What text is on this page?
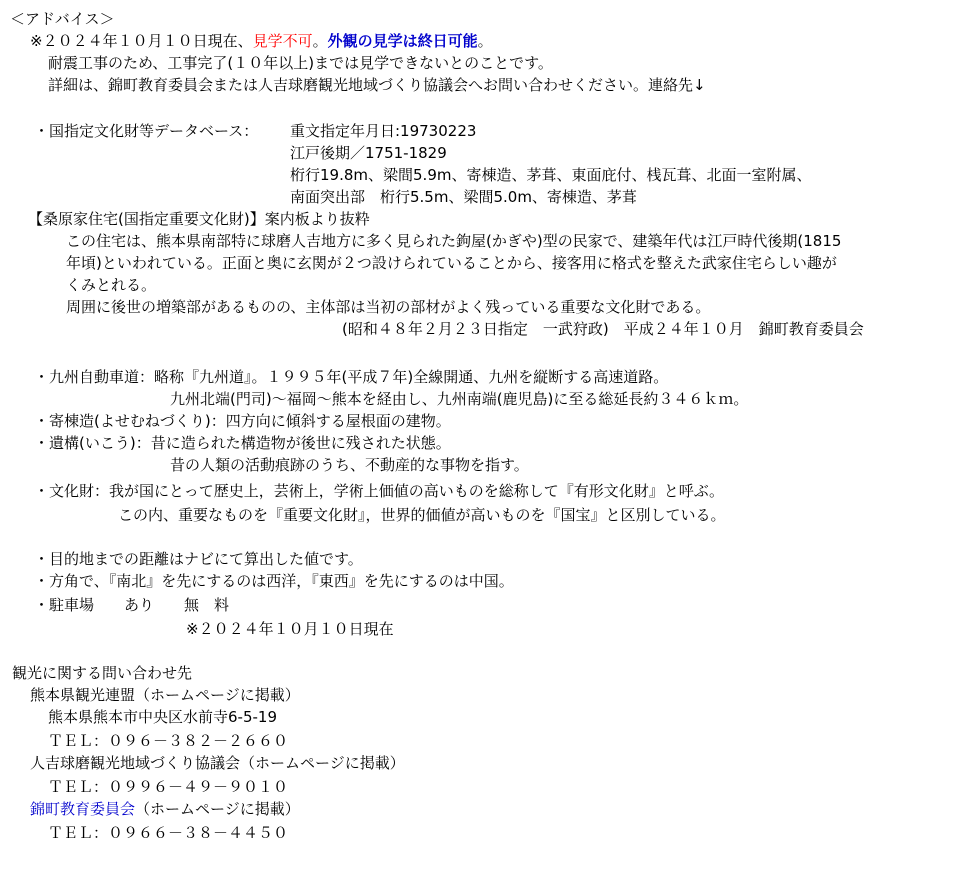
＜アドバイス＞
※２０２４年１０月１０日現在、見学不可。外観の見学は終日可能。
耐震工事のため、工事完了(１０年以上)までは見学できないとのことです。
詳細は、錦町教育委員会または人吉球磨観光地域づくり協議会へお問い合わせください。連絡先↓
・国指定文化財等データベース： 重文指定年月日:19730223
江戸後期／1751-1829
桁行19.8m、梁間5.9m、寄棟造、茅葺、東面庇付、桟瓦葺、北面一室附属、
南面突出部　桁行5.5m、梁間5.0m、寄棟造、茅葺
【桑原家住宅(国指定重要文化財)】案内板より抜粋
この住宅は、熊本県南部特に球磨人吉地方に多く見られた鉤屋(かぎや)型の民家で、建築年代は江戸時代後期(1815
年頃)といわれている。正面と奥に玄関が２つ設けられていることから、接客用に格式を整えた武家住宅らしい趣が
くみとれる。
周囲に後世の増築部があるものの、主体部は当初の部材がよく残っている重要な文化財である。
(昭和４８年２月２３日指定　一武狩政)　平成２４年１０月　錦町教育委員会
・九州自動車道：略称『九州道』。１９９５年(平成７年)全線開通、九州を縦断する高速道路。
九州北端(門司)～福岡～熊本を経由し、九州南端(鹿児島)に至る総延長約３４６ｋｍ。
・寄棟造(よせむねづくり)：四方向に傾斜する屋根面の建物。
・遺構(いこう)：昔に造られた構造物が後世に残された状態。
昔の人類の活動痕跡のうち、不動産的な事物を指す。
・文化財：我が国にとって歴史上，芸術上，学術上価値の高いものを総称して『有形文化財』と呼ぶ。
この内、重要なものを『重要文化財』，世界的価値が高いものを『国宝』と区別している。
・目的地までの距離はナビにて算出した値です。
・方角で、『南北』を先にするのは西洋，『東西』を先にするのは中国。
・駐車場　　あり　　無　料
※２０２４年１０月１０日現在
観光に関する問い合わせ先
熊本県観光連盟（ホームページに掲載）
熊本県熊本市中央区水前寺6-5-19
ＴＥＬ：０９６－３８２－２６６０
人吉球磨観光地域づくり協議会（ホームページに掲載）
ＴＥＬ：０９９６－４９－９０１０
錦町教育委員会（ホームページに掲載）
ＴＥＬ：０９６６－３８－４４５０
